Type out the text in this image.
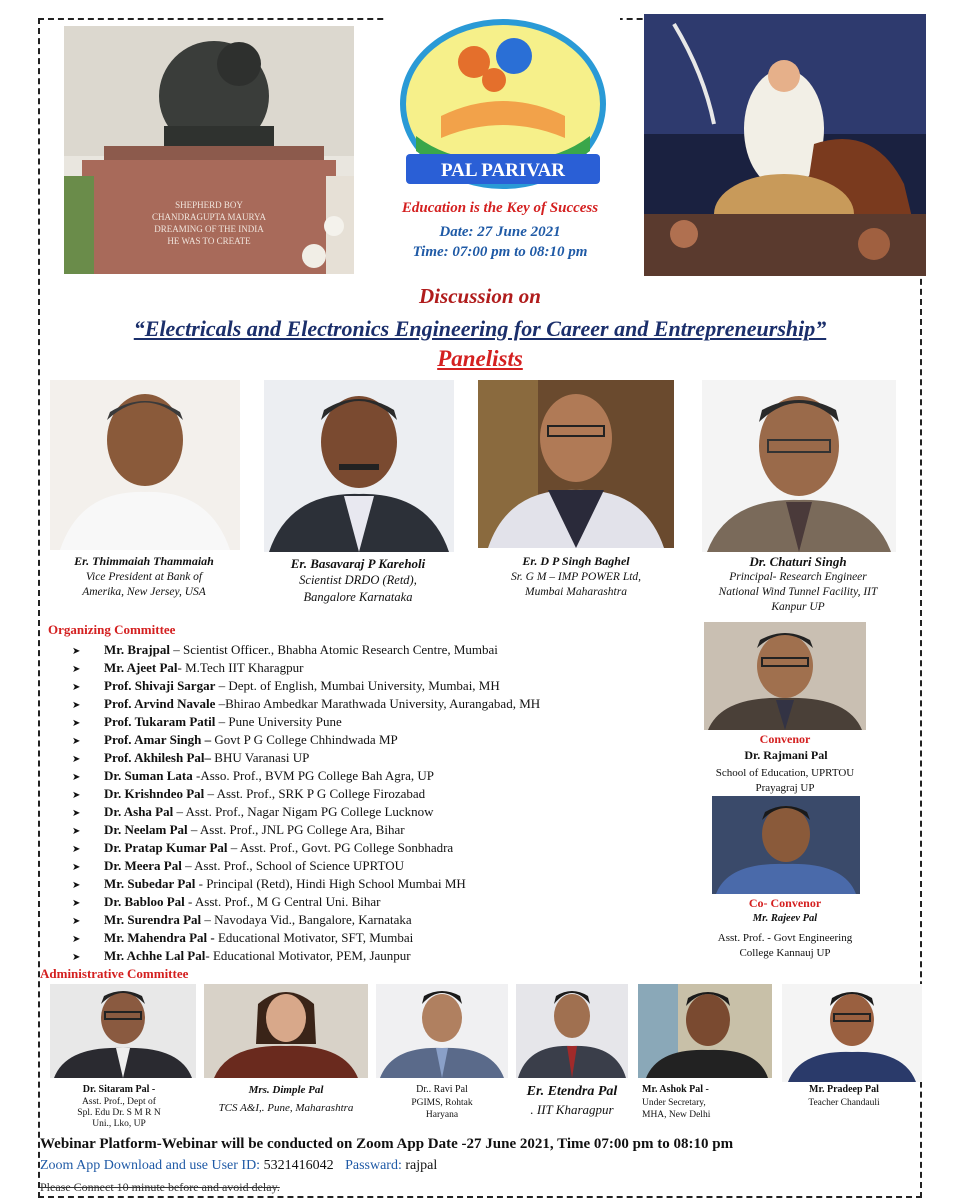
SHEPHERD BOY
CHANDRAGUPTA MAURYA
DREAMING OF THE INDIA
HE WAS TO CREATE
PAL PARIVAR
Education is the Key of Success
Date: 27 June 2021
Time: 07:00 pm to 08:10 pm
Discussion on
“Electricals and Electronics Engineering for Career and Entrepreneurship”
Panelists
Er. Thimmaiah Thammaiah
Vice President at Bank of
Amerika, New Jersey, USA
Er. Basavaraj P Kareholi
Scientist DRDO (Retd),
Bangalore Karnataka
Er. D P Singh Baghel
Sr. G M – IMP POWER Ltd,
Mumbai Maharashtra
Dr. Chaturi Singh
Principal- Research Engineer
National Wind Tunnel Facility, IIT
Kanpur UP
Organizing Committee
➤ Mr. Brajpal – Scientist Officer., Bhabha Atomic Research Centre, Mumbai
➤ Mr. Ajeet Pal- M.Tech IIT Kharagpur
➤ Prof. Shivaji Sargar – Dept. of English, Mumbai University, Mumbai, MH
➤ Prof. Arvind Navale –Bhirao Ambedkar Marathwada University, Aurangabad, MH
➤ Prof. Tukaram Patil – Pune University Pune
➤ Prof. Amar Singh – Govt P G College Chhindwada MP
➤ Prof. Akhilesh Pal– BHU Varanasi UP
➤ Dr. Suman Lata -Asso. Prof., BVM PG College Bah Agra, UP
➤ Dr. Krishndeo Pal – Asst. Prof., SRK P G College Firozabad
➤ Dr. Asha Pal – Asst. Prof., Nagar Nigam PG College Lucknow
➤ Dr. Neelam Pal – Asst. Prof., JNL PG College Ara, Bihar
➤ Dr. Pratap Kumar Pal – Asst. Prof., Govt. PG College Sonbhadra
➤ Dr. Meera Pal – Asst. Prof., School of Science UPRTOU
➤ Mr. Subedar Pal - Principal (Retd), Hindi High School Mumbai MH
➤ Dr. Babloo Pal - Asst. Prof., M G Central Uni. Bihar
➤ Mr. Surendra Pal – Navodaya Vid., Bangalore, Karnataka
➤ Mr. Mahendra Pal - Educational Motivator, SFT, Mumbai
➤ Mr. Achhe Lal Pal- Educational Motivator, PEM, Jaunpur
Convenor
Dr. Rajmani Pal
School of Education, UPRTOU
Prayagraj UP
Co- Convenor
Mr. Rajeev Pal
Asst. Prof. - Govt Engineering
College Kannauj UP
Administrative Committee
Dr. Sitaram Pal -
Asst. Prof., Dept of
Spl. Edu Dr. S M R N
Uni., Lko, UP
Mrs. Dimple Pal
TCS A&I,. Pune, Maharashtra
Dr.. Ravi Pal
PGIMS, Rohtak
Haryana
Er. Etendra Pal
. IIT Kharagpur
Mr. Ashok Pal -
Under Secretary,
MHA, New Delhi
Mr. Pradeep Pal
Teacher Chandauli
Webinar Platform-Webinar will be conducted on Zoom App Date -27 June 2021, Time 07:00 pm to 08:10 pm
Zoom App Download and use User ID: 5321416042 Passward: rajpal
Please Connect 10 minute before and avoid delay.
